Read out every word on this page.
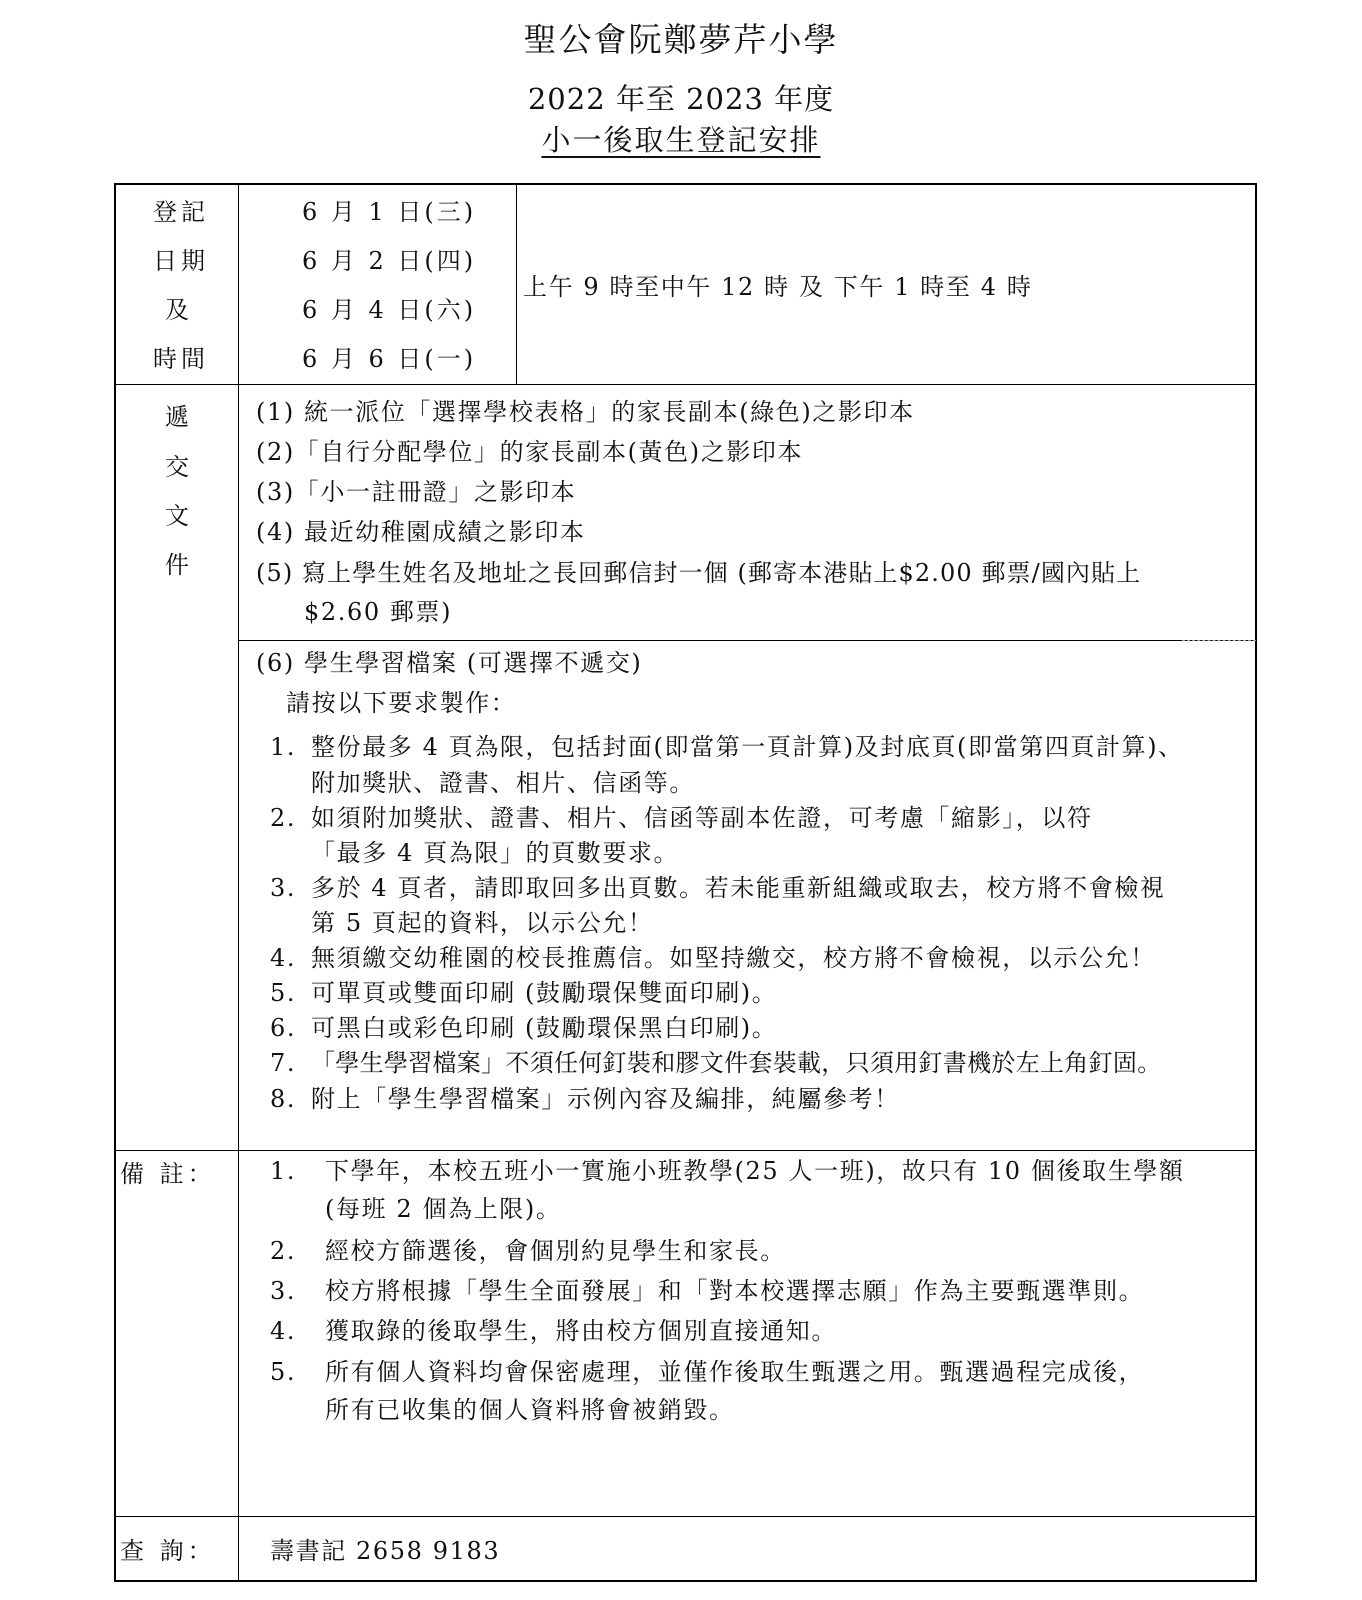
聖公會阮鄭夢芹小學
2022 年至 2023 年度
小一後取生登記安排
登記
日期
及
時間
6 月 1 日(三)
6 月 2 日(四)
6 月 4 日(六)
6 月 6 日(一)
上午 9 時至中午 12 時 及 下午 1 時至 4 時
遞
交
文
件
(1) 統一派位「選擇學校表格」的家長副本(綠色)之影印本
(2)「自行分配學位」的家長副本(黃色)之影印本
(3)「小一註冊證」之影印本
(4) 最近幼稚園成績之影印本
(5) 寫上學生姓名及地址之長回郵信封一個 (郵寄本港貼上$2.00 郵票/國內貼上
$2.60 郵票)
(6) 學生學習檔案 (可選擇不遞交)
請按以下要求製作：
1. 整份最多 4 頁為限，包括封面(即當第一頁計算)及封底頁(即當第四頁計算)、
附加獎狀、證書、相片、信函等。
2. 如須附加獎狀、證書、相片、信函等副本佐證，可考慮「縮影」，以符
「最多 4 頁為限」的頁數要求。
3. 多於 4 頁者，請即取回多出頁數。若未能重新組織或取去，校方將不會檢視
第 5 頁起的資料，以示公允！
4. 無須繳交幼稚園的校長推薦信。如堅持繳交，校方將不會檢視，以示公允！
5. 可單頁或雙面印刷 (鼓勵環保雙面印刷)。
6. 可黑白或彩色印刷 (鼓勵環保黑白印刷)。
7. 「學生學習檔案」不須任何釘裝和膠文件套裝載，只須用釘書機於左上角釘固。
8. 附上「學生學習檔案」示例內容及編排，純屬參考！
備 註： 1. 下學年，本校五班小一實施小班教學(25 人一班)，故只有 10 個後取生學額
(每班 2 個為上限)。
2. 經校方篩選後，會個別約見學生和家長。
3. 校方將根據「學生全面發展」和「對本校選擇志願」作為主要甄選準則。
4. 獲取錄的後取學生，將由校方個別直接通知。
5. 所有個人資料均會保密處理，並僅作後取生甄選之用。甄選過程完成後，
所有已收集的個人資料將會被銷毀。
查 詢： 壽書記 2658 9183
